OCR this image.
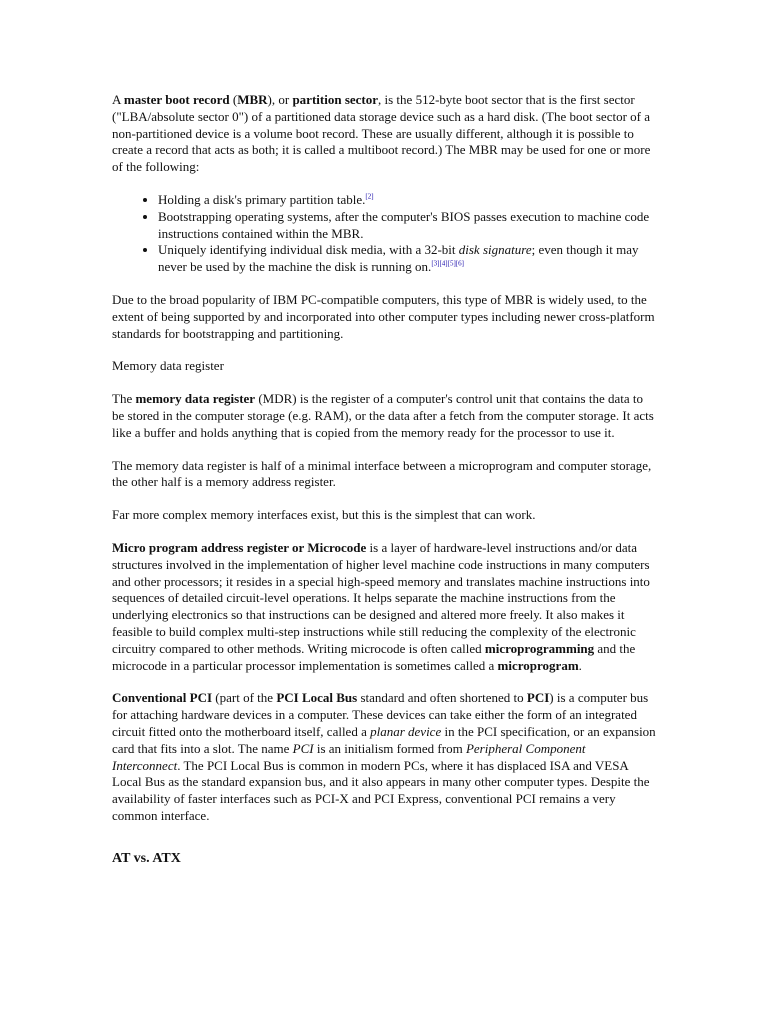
A master boot record (MBR), or partition sector, is the 512-byte boot sector that is the first sector ("LBA/absolute sector 0") of a partitioned data storage device such as a hard disk. (The boot sector of a non-partitioned device is a volume boot record. These are usually different, although it is possible to create a record that acts as both; it is called a multiboot record.) The MBR may be used for one or more of the following:

• Holding a disk's primary partition table.[2]
• Bootstrapping operating systems, after the computer's BIOS passes execution to machine code instructions contained within the MBR.
• Uniquely identifying individual disk media, with a 32-bit disk signature; even though it may never be used by the machine the disk is running on.[3][4][5][6]

Due to the broad popularity of IBM PC-compatible computers, this type of MBR is widely used, to the extent of being supported by and incorporated into other computer types including newer cross-platform standards for bootstrapping and partitioning.

Memory data register

The memory data register (MDR) is the register of a computer's control unit that contains the data to be stored in the computer storage (e.g. RAM), or the data after a fetch from the computer storage. It acts like a buffer and holds anything that is copied from the memory ready for the processor to use it.

The memory data register is half of a minimal interface between a microprogram and computer storage, the other half is a memory address register.

Far more complex memory interfaces exist, but this is the simplest that can work.

Micro program address register or Microcode is a layer of hardware-level instructions and/or data structures involved in the implementation of higher level machine code instructions in many computers and other processors; it resides in a special high-speed memory and translates machine instructions into sequences of detailed circuit-level operations. It helps separate the machine instructions from the underlying electronics so that instructions can be designed and altered more freely. It also makes it feasible to build complex multi-step instructions while still reducing the complexity of the electronic circuitry compared to other methods. Writing microcode is often called microprogramming and the microcode in a particular processor implementation is sometimes called a microprogram.

Conventional PCI (part of the PCI Local Bus standard and often shortened to PCI) is a computer bus for attaching hardware devices in a computer. These devices can take either the form of an integrated circuit fitted onto the motherboard itself, called a planar device in the PCI specification, or an expansion card that fits into a slot. The name PCI is an initialism formed from Peripheral Component Interconnect. The PCI Local Bus is common in modern PCs, where it has displaced ISA and VESA Local Bus as the standard expansion bus, and it also appears in many other computer types. Despite the availability of faster interfaces such as PCI-X and PCI Express, conventional PCI remains a very common interface.

AT vs. ATX
